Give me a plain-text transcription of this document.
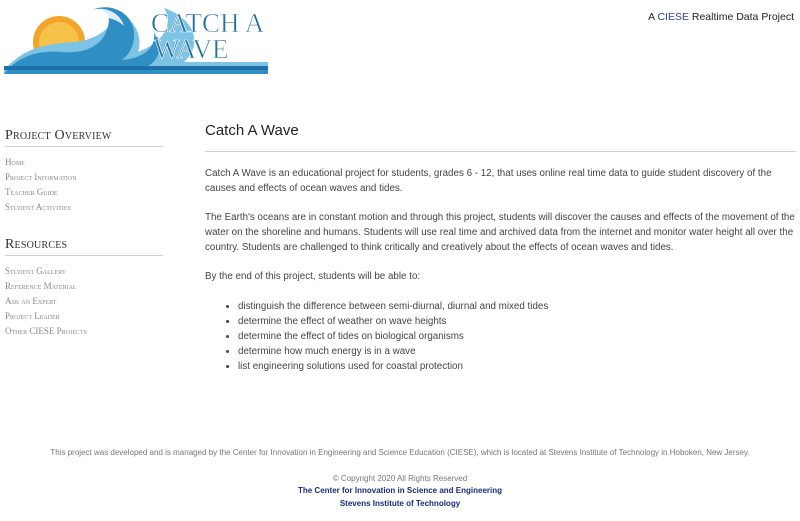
CATCH A
WAVE
A CIESE Realtime Data Project
Project Overview
Home
Project Information
Teacher Guide
Student Activities
Resources
Student Gallery
Reference Material
Ask an Expert
Project Leader
Other CIESE Projects
Catch A Wave

Catch A Wave is an educational project for students, grades 6 - 12, that uses online real time data to guide student discovery of the causes and effects of ocean waves and tides.

The Earth's oceans are in constant motion and through this project, students will discover the causes and effects of the movement of the water on the shoreline and humans. Students will use real time and archived data from the internet and monitor water height all over the country. Students are challenged to think critically and creatively about the effects of ocean waves and tides.

By the end of this project, students will be able to:

• distinguish the difference between semi-diurnal, diurnal and mixed tides
• determine the effect of weather on wave heights
• determine the effect of tides on biological organisms
• determine how much energy is in a wave
• list engineering solutions used for coastal protection
This project was developed and is managed by the Center for Innovation in Engineering and Science Education (CIESE), which is located at Stevens Institute of Technology in Hoboken, New Jersey.
© Copyright 2020 All Rights Reserved
The Center for Innovation in Science and Engineering
Stevens Institute of Technology
